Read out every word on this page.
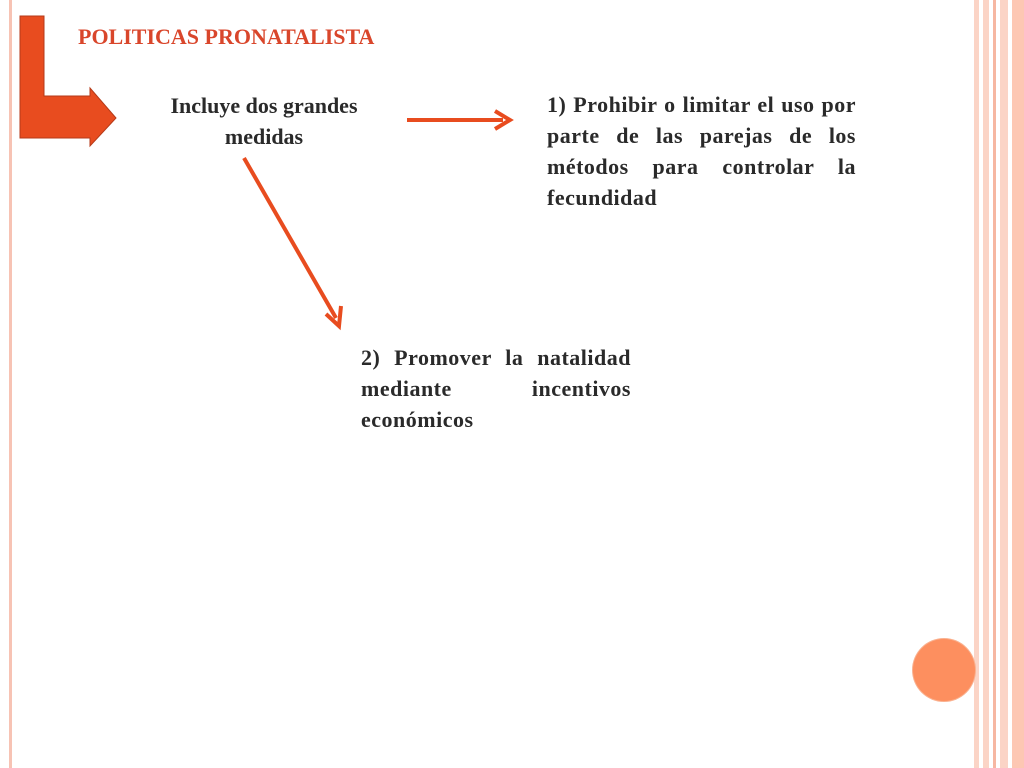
POLITICAS PRONATALISTA
Incluye dos grandes medidas
1) Prohibir o limitar el uso por parte de las parejas de los métodos para controlar la fecundidad
2) Promover la natalidad mediante incentivos económicos
